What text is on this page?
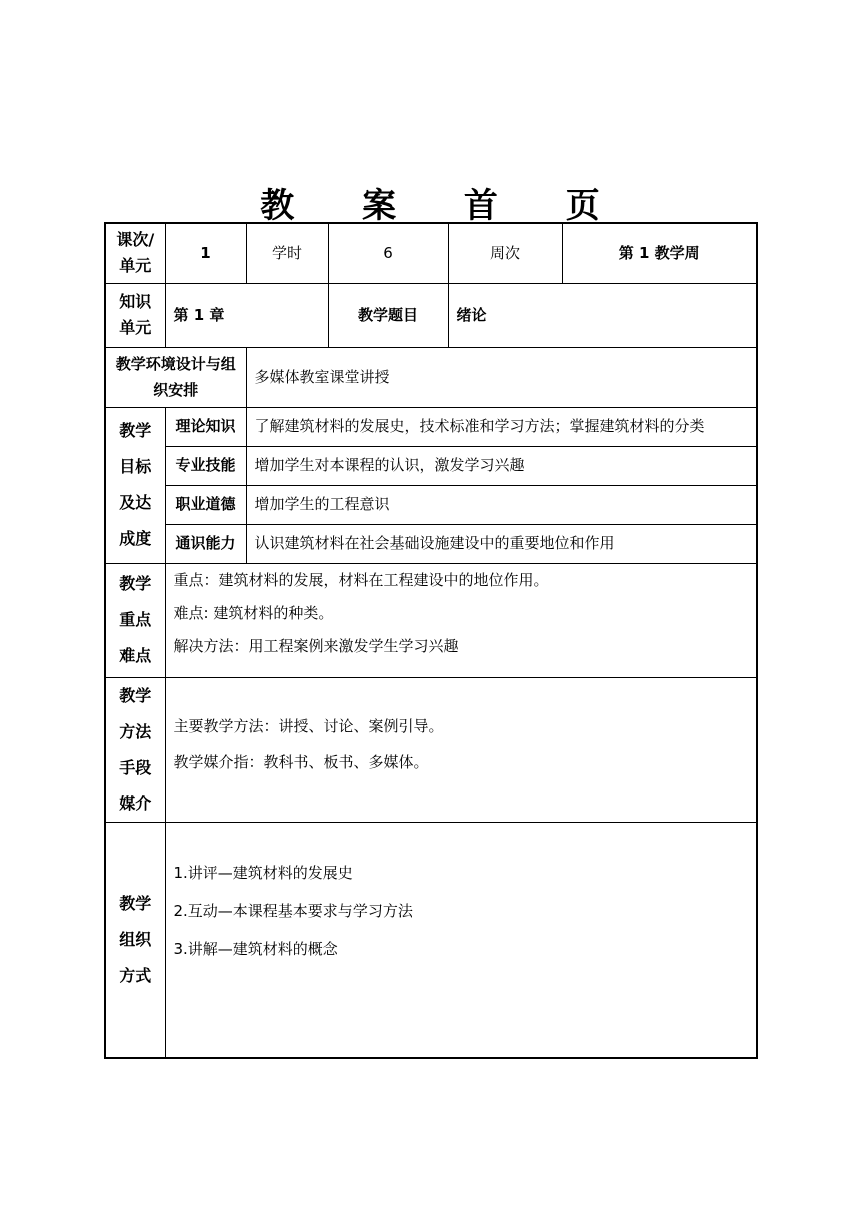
教 案 首 页
课次/单元	1	学时	6	周次	第 1 教学周

知识单元	第 1 章		教学题目	绪论	

教学环境设计与组织安排		多媒体教室课堂讲授			

教学目标及达成度	理论知识	了解建筑材料的发展史，技术标准和学习方法；掌握建筑材料的分类			
	专业技能	增加学生对本课程的认识，激发学习兴趣			
	职业道德	增加学生的工程意识			
	通识能力	认识建筑材料在社会基础设施建设中的重要地位和作用			

教学重点难点	重点：建筑材料的发展，材料在工程建设中的地位作用。
难点: 建筑材料的种类。
解决方法：用工程案例来激发学生学习兴趣				

教学方法手段媒介	主要教学方法：讲授、讨论、案例引导。
教学媒介指：教科书、板书、多媒体。				

教学组织方式	1.讲评—建筑材料的发展史
2.互动—本课程基本要求与学习方法
3.讲解—建筑材料的概念				
